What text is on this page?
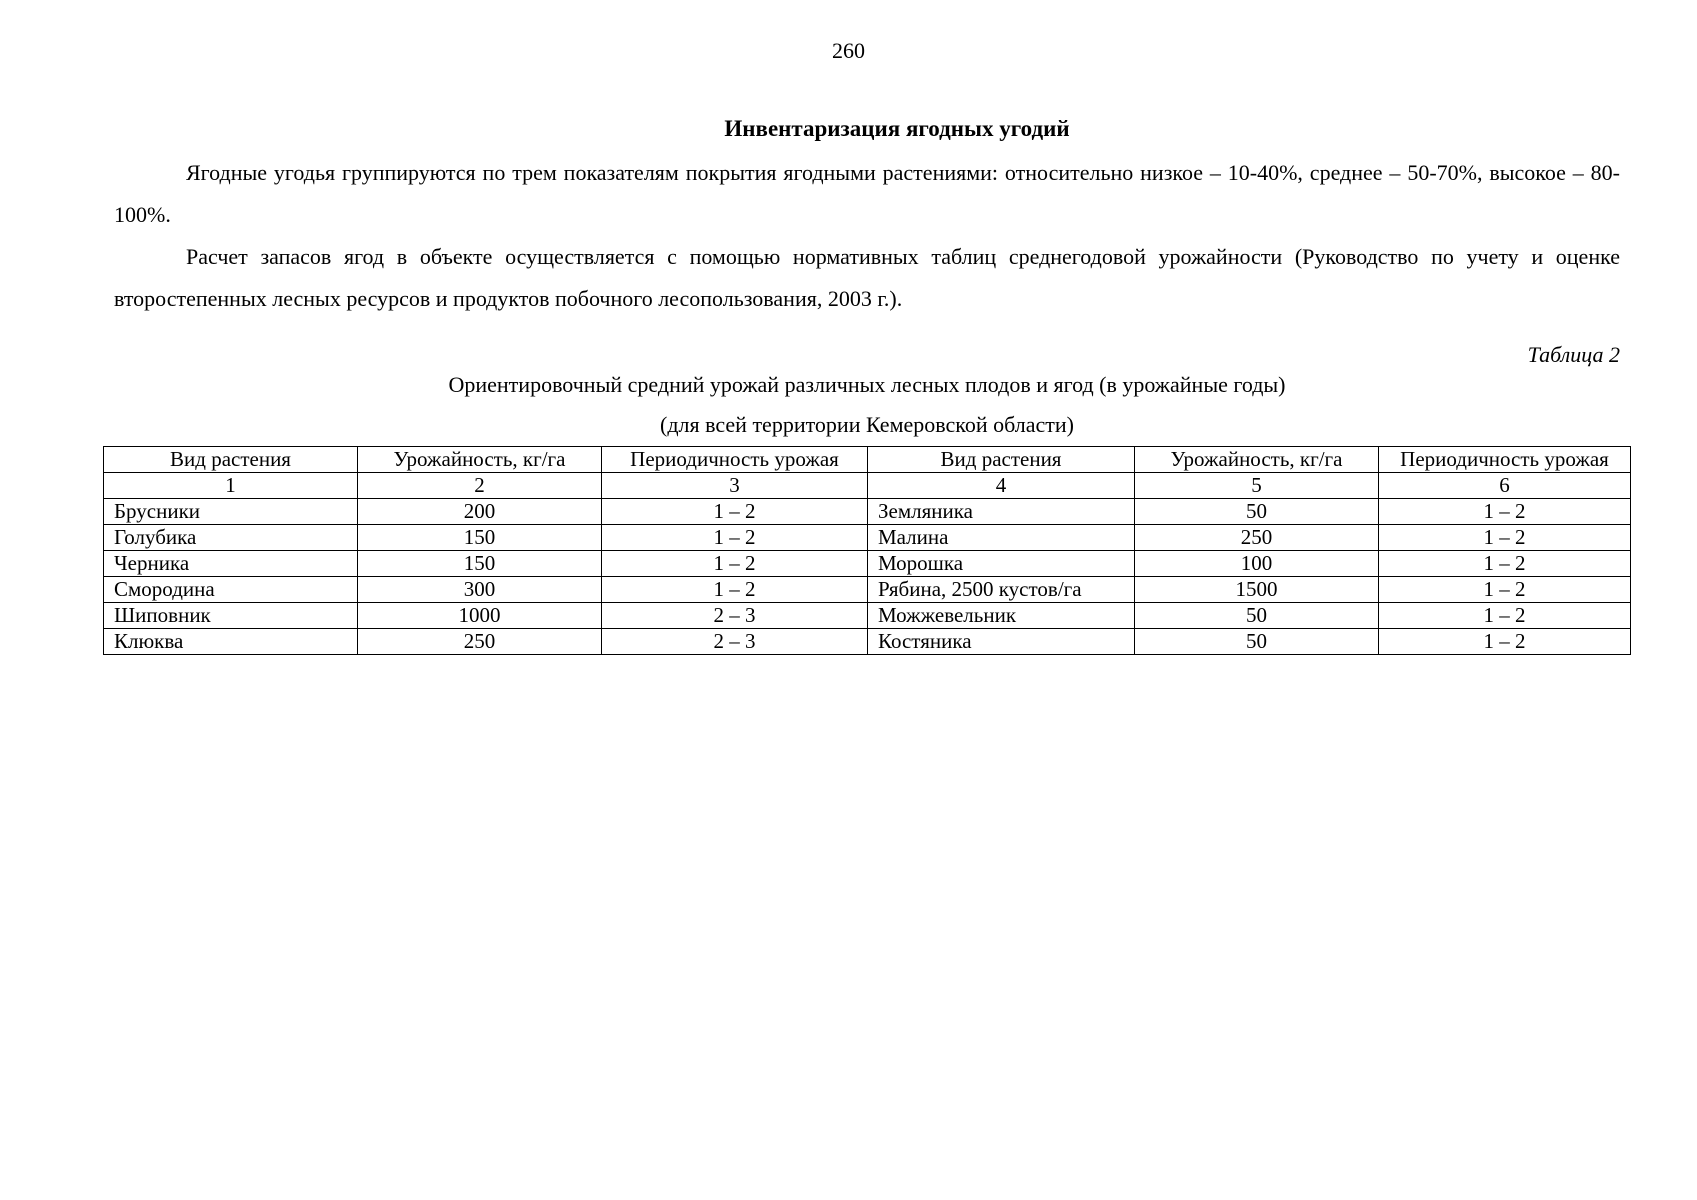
260
Инвентаризация ягодных угодий

Ягодные угодья группируются по трем показателям покрытия ягодными растениями: относительно низкое – 10-40%, среднее – 50-70%, высокое – 80-100%.

Расчет запасов ягод в объекте осуществляется с помощью нормативных таблиц среднегодовой урожайности (Руководство по учету и оценке второстепенных лесных ресурсов и продуктов побочного лесопользования, 2003 г.).

Таблица 2
Ориентировочный средний урожай различных лесных плодов и ягод (в урожайные годы)
(для всей территории Кемеровской области)
Вид растения	Урожайность, кг/га	Периодичность урожая	Вид растения	Урожайность, кг/га	Периодичность урожая
1	2	3	4	5	6
Брусники	200	1 – 2	Земляника	50	1 – 2
Голубика	150	1 – 2	Малина	250	1 – 2
Черника	150	1 – 2	Морошка	100	1 – 2
Смородина	300	1 – 2	Рябина, 2500 кустов/га	1500	1 – 2
Шиповник	1000	2 – 3	Можжевельник	50	1 – 2
Клюква	250	2 – 3	Костяника	50	1 – 2
